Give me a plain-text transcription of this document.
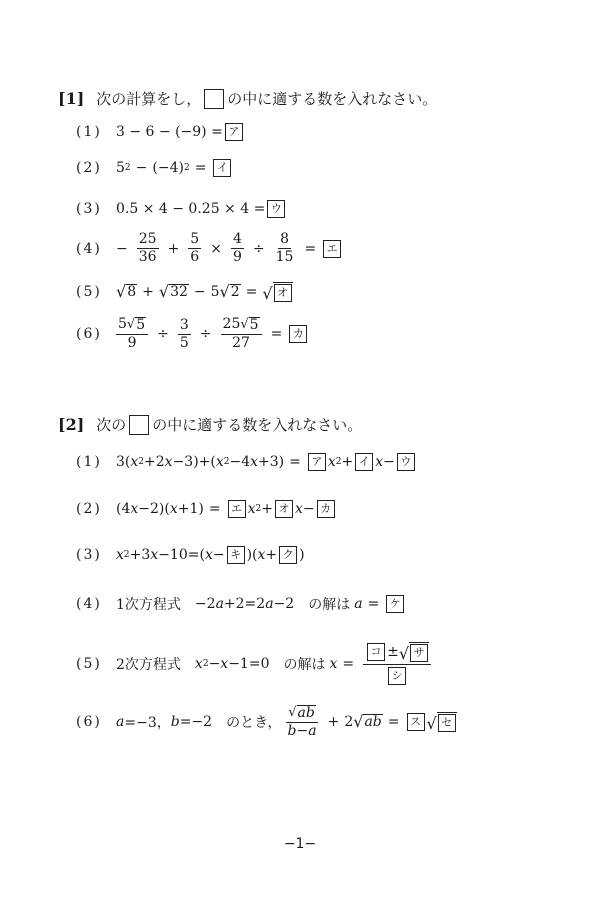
[1] 次の計算をし， の中に適する数を入れなさい。
(1)	3 − 6 − (−9) = ア
(2)	5 2 − (−4) 2 = イ
(3)	0.5 × 4 − 0.25 × 4 = ウ
(4)	− $\frac{25}{36} + \frac{5}{6} \times \frac{4}{9} \div \frac{8}{15}$ = エ
(5) √ 8 + √ 32 − 5 √ 2 = √ オ
(6)	$\frac{5 √ 5}{9} \div \frac{3}{5} \div \frac{25 √ 5}{27}$ = カ
[2] 次の の中に適する数を入れなさい。
(1)	3( x 2 +2 x −3)+( x 2 −4 x +3) = ア x 2 + イ x − ウ
(2)	(4 x −2)( x +1) = エ x 2 + オ x − カ
(3)	x 2 +3 x −10=( x − キ )( x + ク )
(4)	1次方程式 −2 a +2=2 a −2 の解は a = ケ
(5)	2次方程式 x 2 − x −1=0 の解は $x = \frac{\text{コ ± √ サ}}{\text{シ}}$
(6)	a =−3， b =−2 のとき， $\frac{√ ab}{b-a} + 2$ √ ab = ス √ セ
−1−
